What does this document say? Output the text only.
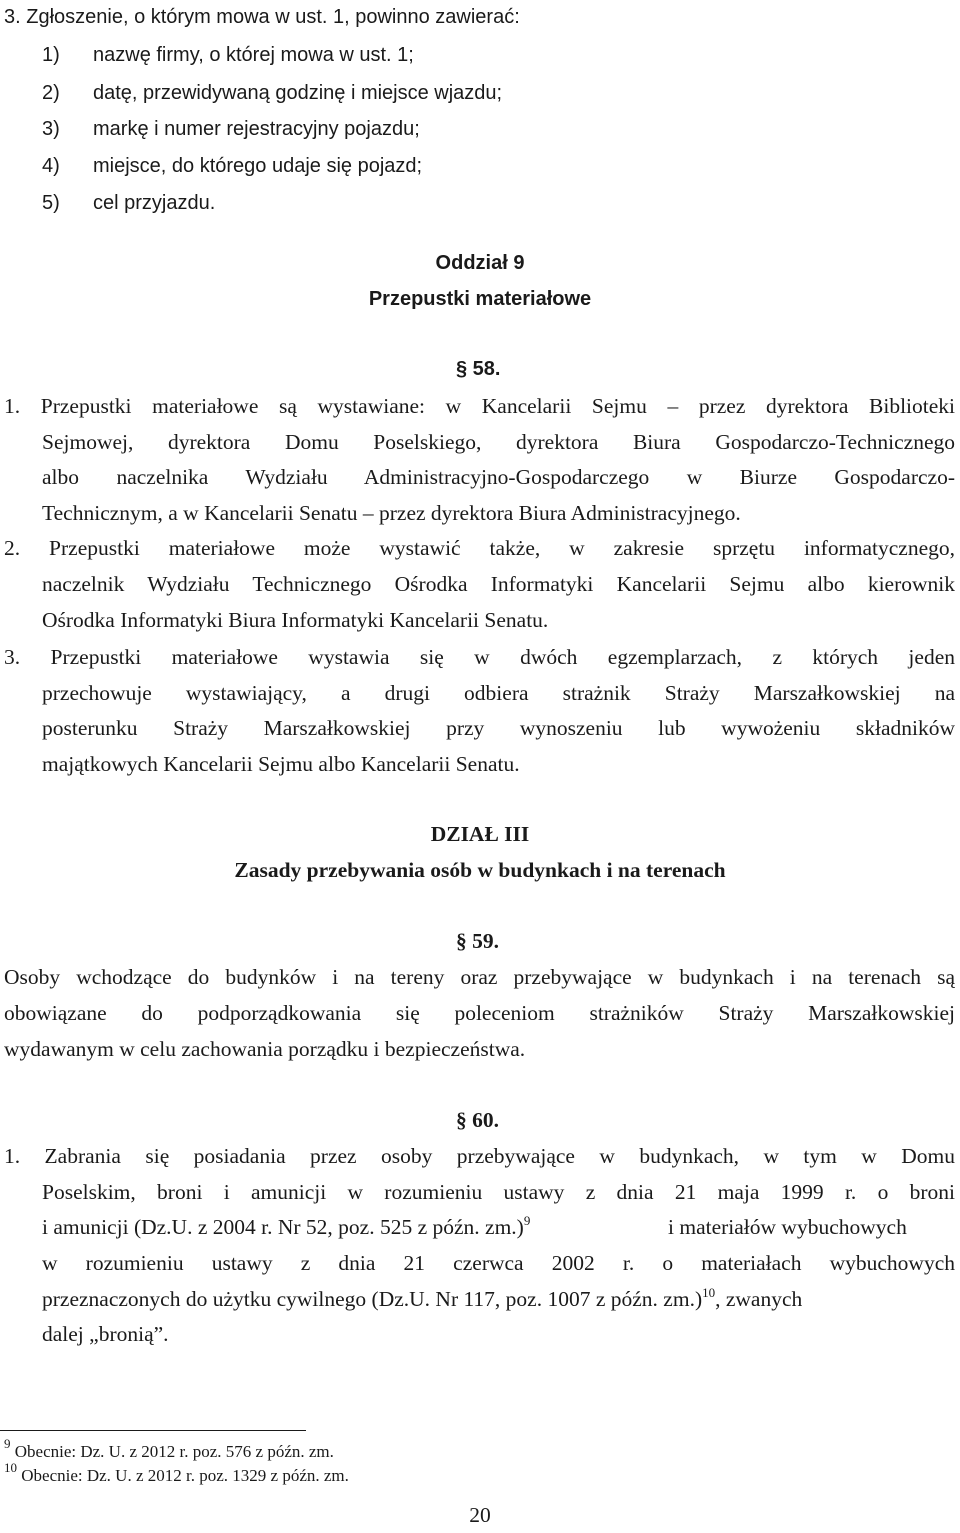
3. Zgłoszenie, o którym mowa w ust. 1, powinno zawierać:
1) nazwę firmy, o której mowa w ust. 1;
2) datę, przewidywaną godzinę i miejsce wjazdu;
3) markę i numer rejestracyjny pojazdu;
4) miejsce, do którego udaje się pojazd;
5) cel przyjazdu.
Oddział 9
Przepustki materiałowe
§ 58.
1. Przepustki materiałowe są wystawiane: w Kancelarii Sejmu – przez dyrektora Biblioteki
Sejmowej, dyrektora Domu Poselskiego, dyrektora Biura Gospodarczo-Technicznego
albo naczelnika Wydziału Administracyjno-Gospodarczego w Biurze Gospodarczo-
Technicznym, a w Kancelarii Senatu – przez dyrektora Biura Administracyjnego.
2. Przepustki materiałowe może wystawić także, w zakresie sprzętu informatycznego,
naczelnik Wydziału Technicznego Ośrodka Informatyki Kancelarii Sejmu albo kierownik
Ośrodka Informatyki Biura Informatyki Kancelarii Senatu.
3. Przepustki materiałowe wystawia się w dwóch egzemplarzach, z których jeden
przechowuje wystawiający, a drugi odbiera strażnik Straży Marszałkowskiej na
posterunku Straży Marszałkowskiej przy wynoszeniu lub wywożeniu składników
majątkowych Kancelarii Sejmu albo Kancelarii Senatu.
DZIAŁ III
Zasady przebywania osób w budynkach i na terenach
§ 59.
Osoby wchodzące do budynków i na tereny oraz przebywające w budynkach i na terenach są
obowiązane do podporządkowania się poleceniom strażników Straży Marszałkowskiej
wydawanym w celu zachowania porządku i bezpieczeństwa.
§ 60.
1. Zabrania się posiadania przez osoby przebywające w budynkach, w tym w Domu
Poselskim, broni i amunicji w rozumieniu ustawy z dnia 21 maja 1999 r. o broni
i amunicji (Dz.U. z 2004 r. Nr 52, poz. 525 z późn. zm.)$^9$	i materiałów wybuchowych
w rozumieniu ustawy z dnia 21 czerwca 2002 r. o materiałach wybuchowych
przeznaczonych do użytku cywilnego (Dz.U. Nr 117, poz. 1007 z późn. zm.)$^{10}$, zwanych
dalej „bronią”.
$^9$ Obecnie: Dz. U. z 2012 r. poz. 576 z późn. zm.
$^{10}$ Obecnie: Dz. U. z 2012 r. poz. 1329 z późn. zm.
20
